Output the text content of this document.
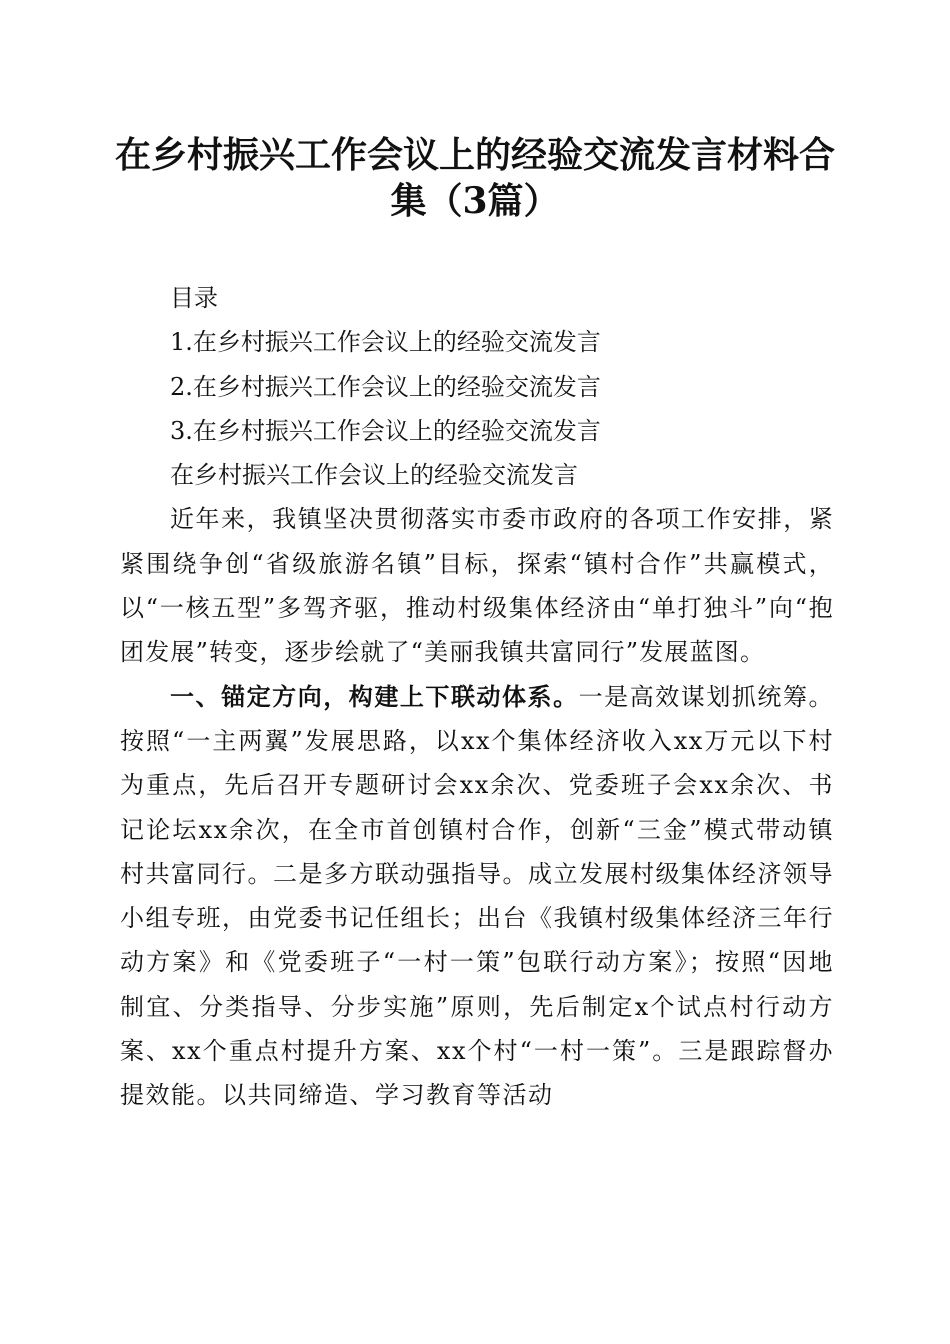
在乡村振兴工作会议上的经验交流发言材料合
集（3篇）

目录

1.在乡村振兴工作会议上的经验交流发言

2.在乡村振兴工作会议上的经验交流发言

3.在乡村振兴工作会议上的经验交流发言

在乡村振兴工作会议上的经验交流发言

近年来，我镇坚决贯彻落实市委市政府的各项工作安排，紧紧围绕争创“省级旅游名镇”目标，探索“镇村合作”共赢模式，以“一核五型”多驾齐驱，推动村级集体经济由“单打独斗”向“抱团发展”转变，逐步绘就了“美丽我镇共富同行”发展蓝图。

一、锚定方向，构建上下联动体系。一是高效谋划抓统筹。按照“一主两翼”发展思路，以xx个集体经济收入xx万元以下村为重点，先后召开专题研讨会xx余次、党委班子会xx余次、书记论坛xx余次，在全市首创镇村合作，创新“三金”模式带动镇村共富同行。二是多方联动强指导。成立发展村级集体经济领导小组专班，由党委书记任组长；出台《我镇村级集体经济三年行动方案》和《党委班子“一村一策”包联行动方案》；按照“因地制宜、分类指导、分步实施”原则，先后制定x个试点村行动方案、xx个重点村提升方案、xx个村“一村一策”。三是跟踪督办提效能。以共同缔造、学习教育等活动
